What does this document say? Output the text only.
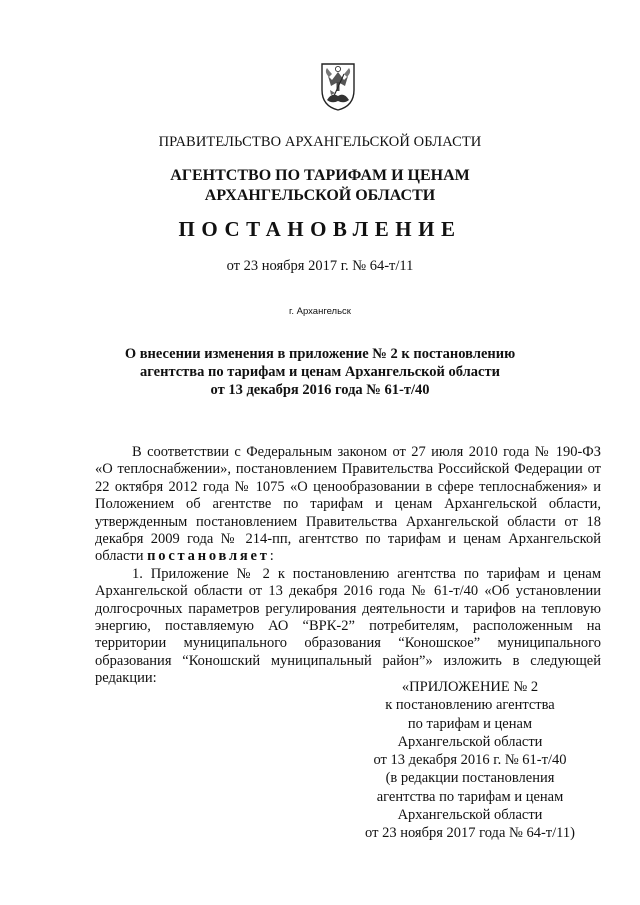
ПРАВИТЕЛЬСТВО АРХАНГЕЛЬСКОЙ ОБЛАСТИ
АГЕНТСТВО ПО ТАРИФАМ И ЦЕНАМ
АРХАНГЕЛЬСКОЙ ОБЛАСТИ
ПОСТАНОВЛЕНИЕ
от 23 ноября 2017 г. № 64-т/11
г. Архангельск
О внесении изменения в приложение № 2 к постановлению
агентства по тарифам и ценам Архангельской области
от 13 декабря 2016 года № 61-т/40

В соответствии с Федеральным законом от 27 июля 2010 года № 190-ФЗ «О теплоснабжении», постановлением Правительства Российской Федерации от 22 октября 2012 года № 1075 «О ценообразовании в сфере теплоснабжения» и Положением об агентстве по тарифам и ценам Архангельской области, утвержденным постановлением Правительства Архангельской области от 18 декабря 2009 года № 214-пп, агентство по тарифам и ценам Архангельской области постановляет:

1. Приложение № 2 к постановлению агентства по тарифам и ценам Архангельской области от 13 декабря 2016 года № 61-т/40 «Об установлении долгосрочных параметров регулирования деятельности и тарифов на тепловую энергию, поставляемую АО “ВРК-2” потребителям, расположенным на территории муниципального образования “Коношское” муниципального образования “Коношский муниципальный район”» изложить в следующей редакции:

«ПРИЛОЖЕНИЕ № 2
к постановлению агентства
по тарифам и ценам
Архангельской области
от 13 декабря 2016 г. № 61-т/40
(в редакции постановления
агентства по тарифам и ценам
Архангельской области
от 23 ноября 2017 года № 64-т/11)
